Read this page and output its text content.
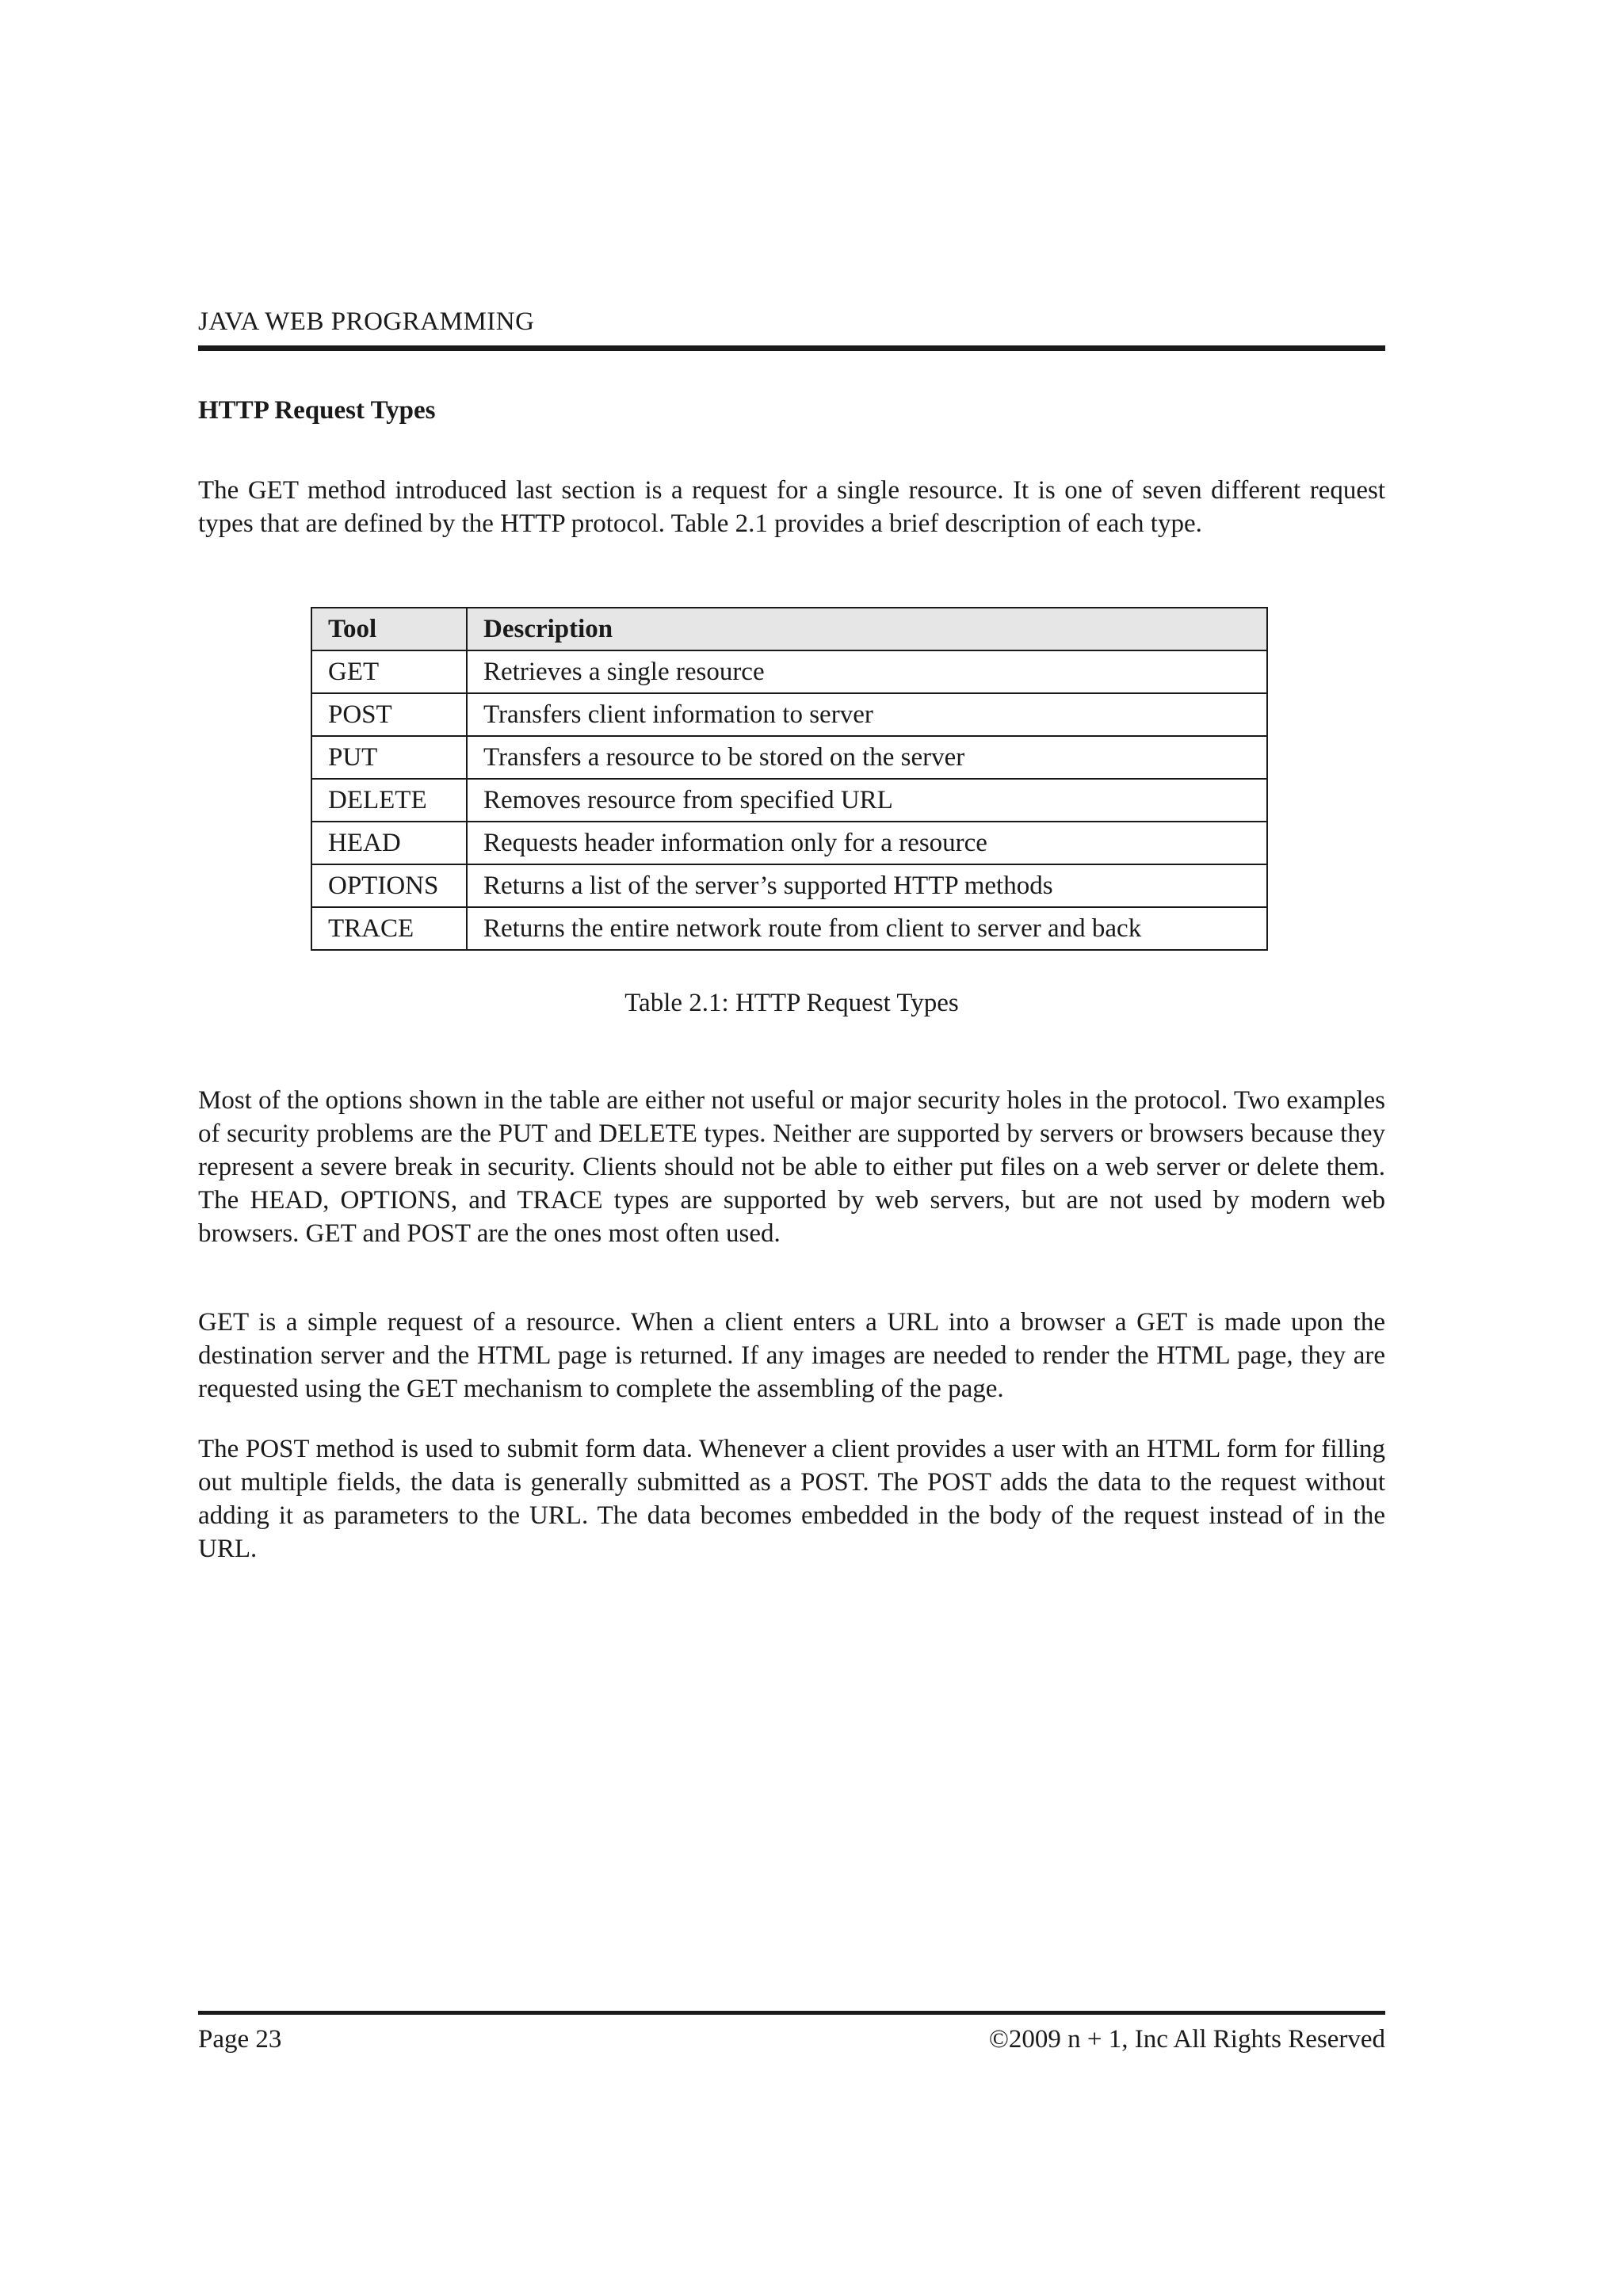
JAVA WEB PROGRAMMING
HTTP Request Types

The GET method introduced last section is a request for a single resource. It is one of seven different request types that are defined by the HTTP protocol. Table 2.1 provides a brief description of each type.

Tool	Description
GET	Retrieves a single resource
POST	Transfers client information to server
PUT	Transfers a resource to be stored on the server
DELETE	Removes resource from specified URL
HEAD	Requests header information only for a resource
OPTIONS	Returns a list of the server’s supported HTTP methods
TRACE	Returns the entire network route from client to server and back
Table 2.1: HTTP Request Types

Most of the options shown in the table are either not useful or major security holes in the protocol. Two examples of security problems are the PUT and DELETE types. Neither are supported by servers or browsers because they represent a severe break in security. Clients should not be able to either put files on a web server or delete them. The HEAD, OPTIONS, and TRACE types are supported by web servers, but are not used by modern web browsers. GET and POST are the ones most often used.

GET is a simple request of a resource. When a client enters a URL into a browser a GET is made upon the destination server and the HTML page is returned. If any images are needed to render the HTML page, they are requested using the GET mechanism to complete the assembling of the page.

The POST method is used to submit form data. Whenever a client provides a user with an HTML form for filling out multiple fields, the data is generally submitted as a POST. The POST adds the data to the request without adding it as parameters to the URL. The data becomes embedded in the body of the request instead of in the URL.

Page 23	©2009 n + 1, Inc All Rights Reserved
